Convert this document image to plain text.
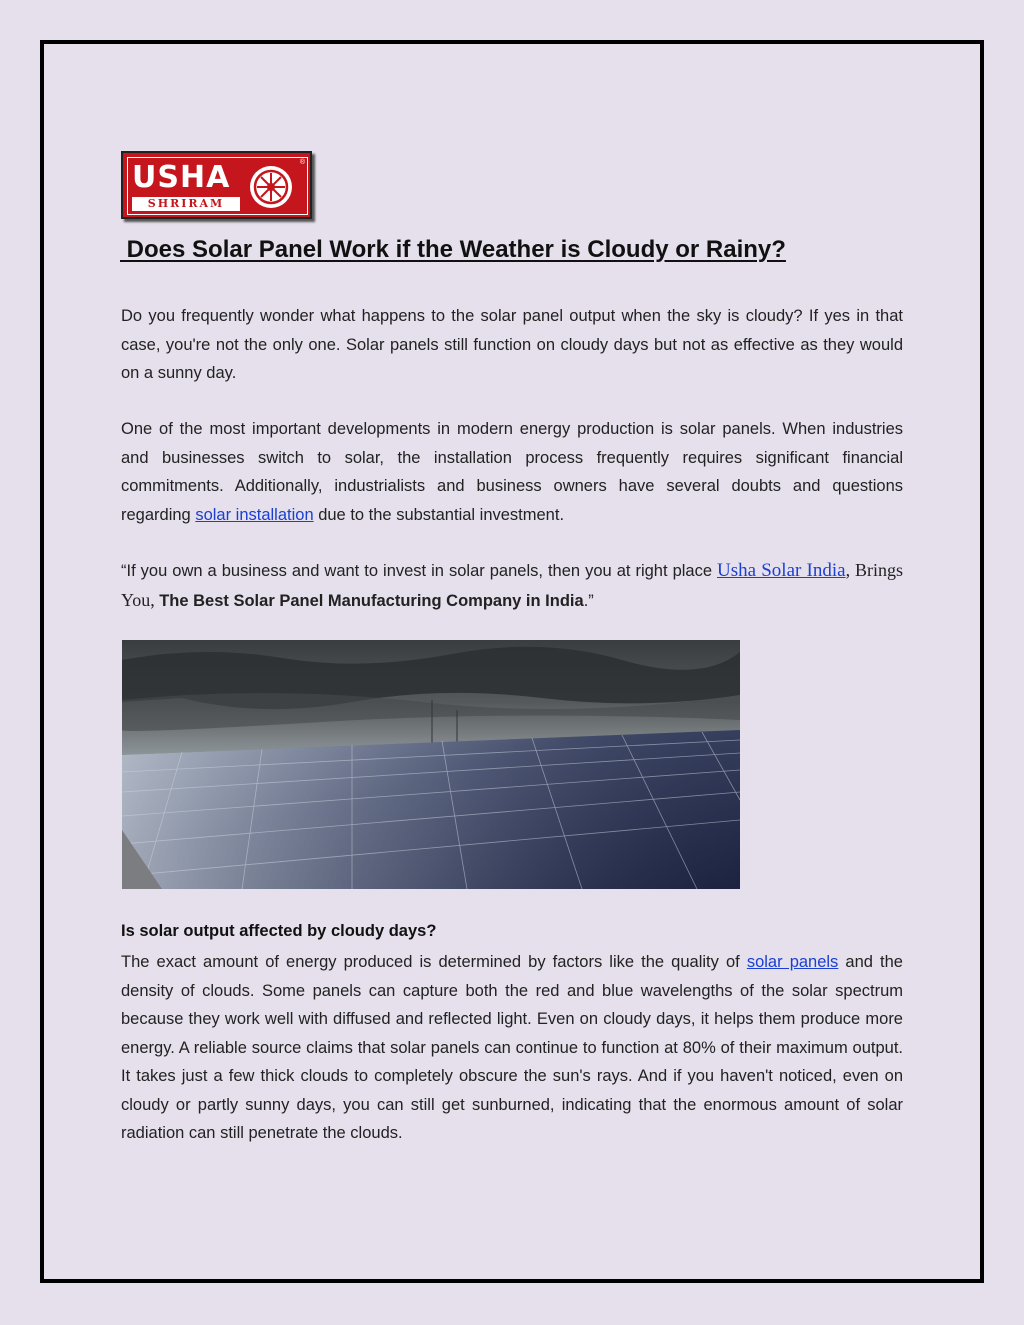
USHA
SHRIRAM
®
Does Solar Panel Work if the Weather is Cloudy or Rainy?

Do you frequently wonder what happens to the solar panel output when the sky is cloudy? If yes in that case, you're not the only one. Solar panels still function on cloudy days but not as effective as they would on a sunny day.

One of the most important developments in modern energy production is solar panels. When industries and businesses switch to solar, the installation process frequently requires significant financial commitments. Additionally, industrialists and business owners have several doubts and questions regarding solar installation due to the substantial investment.

“If you own a business and want to invest in solar panels, then you at right place Usha Solar India, Brings You, The Best Solar Panel Manufacturing Company in India.”

Is solar output affected by cloudy days?

The exact amount of energy produced is determined by factors like the quality of solar panels and the density of clouds. Some panels can capture both the red and blue wavelengths of the solar spectrum because they work well with diffused and reflected light. Even on cloudy days, it helps them produce more energy. A reliable source claims that solar panels can continue to function at 80% of their maximum output. It takes just a few thick clouds to completely obscure the sun's rays. And if you haven't noticed, even on cloudy or partly sunny days, you can still get sunburned, indicating that the enormous amount of solar radiation can still penetrate the clouds.
